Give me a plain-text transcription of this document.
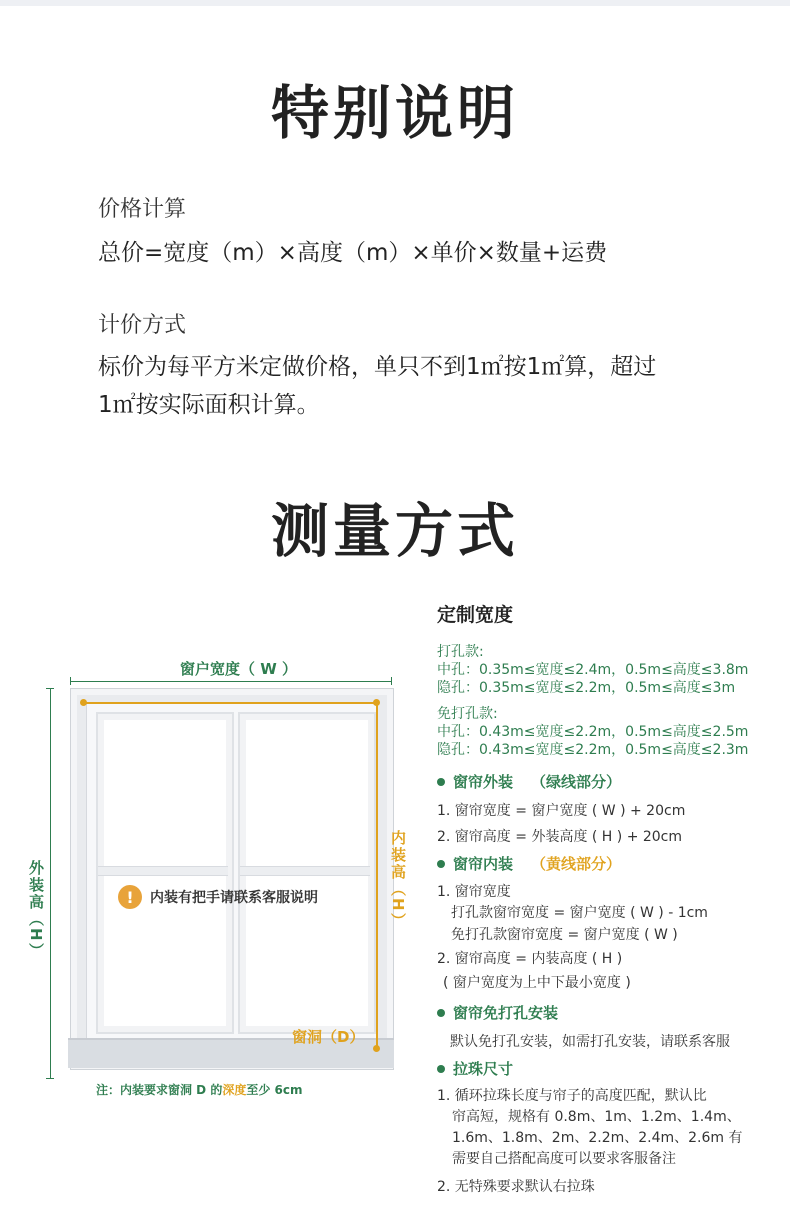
特别说明
价格计算
总价=宽度（m）×高度（m）×单价×数量+运费
计价方式
标价为每平方米定做价格，单只不到1㎡按1㎡算，超过
1㎡按实际面积计算。
测量方式
窗户宽度（ W ）
外装高（H）	内装高（H）
窗洞（D）
!	内装有把手请联系客服说明
注：内装要求窗洞 D 的深度至少 6cm
定制宽度
打孔款:
中孔：0.35m≤宽度≤2.4m，0.5m≤高度≤3.8m
隐孔：0.35m≤宽度≤2.2m，0.5m≤高度≤3m
免打孔款:
中孔：0.43m≤宽度≤2.2m，0.5m≤高度≤2.5m
隐孔：0.43m≤宽度≤2.2m，0.5m≤高度≤2.3m
窗帘外装 （绿线部分）
1. 窗帘宽度 = 窗户宽度 ( W ) + 20cm
2. 窗帘高度 = 外装高度 ( H ) + 20cm
窗帘内装 （黄线部分）
1. 窗帘宽度
打孔款窗帘宽度 = 窗户宽度 ( W ) - 1cm
免打孔款窗帘宽度 = 窗户宽度 ( W )
2. 窗帘高度 = 内装高度 ( H )
( 窗户宽度为上中下最小宽度 )
窗帘免打孔安装
默认免打孔安装，如需打孔安装，请联系客服
拉珠尺寸
1. 循环拉珠长度与帘子的高度匹配，默认比
帘高短，规格有 0.8m、1m、1.2m、1.4m、
1.6m、1.8m、2m、2.2m、2.4m、2.6m 有
需要自己搭配高度可以要求客服备注
2. 无特殊要求默认右拉珠
